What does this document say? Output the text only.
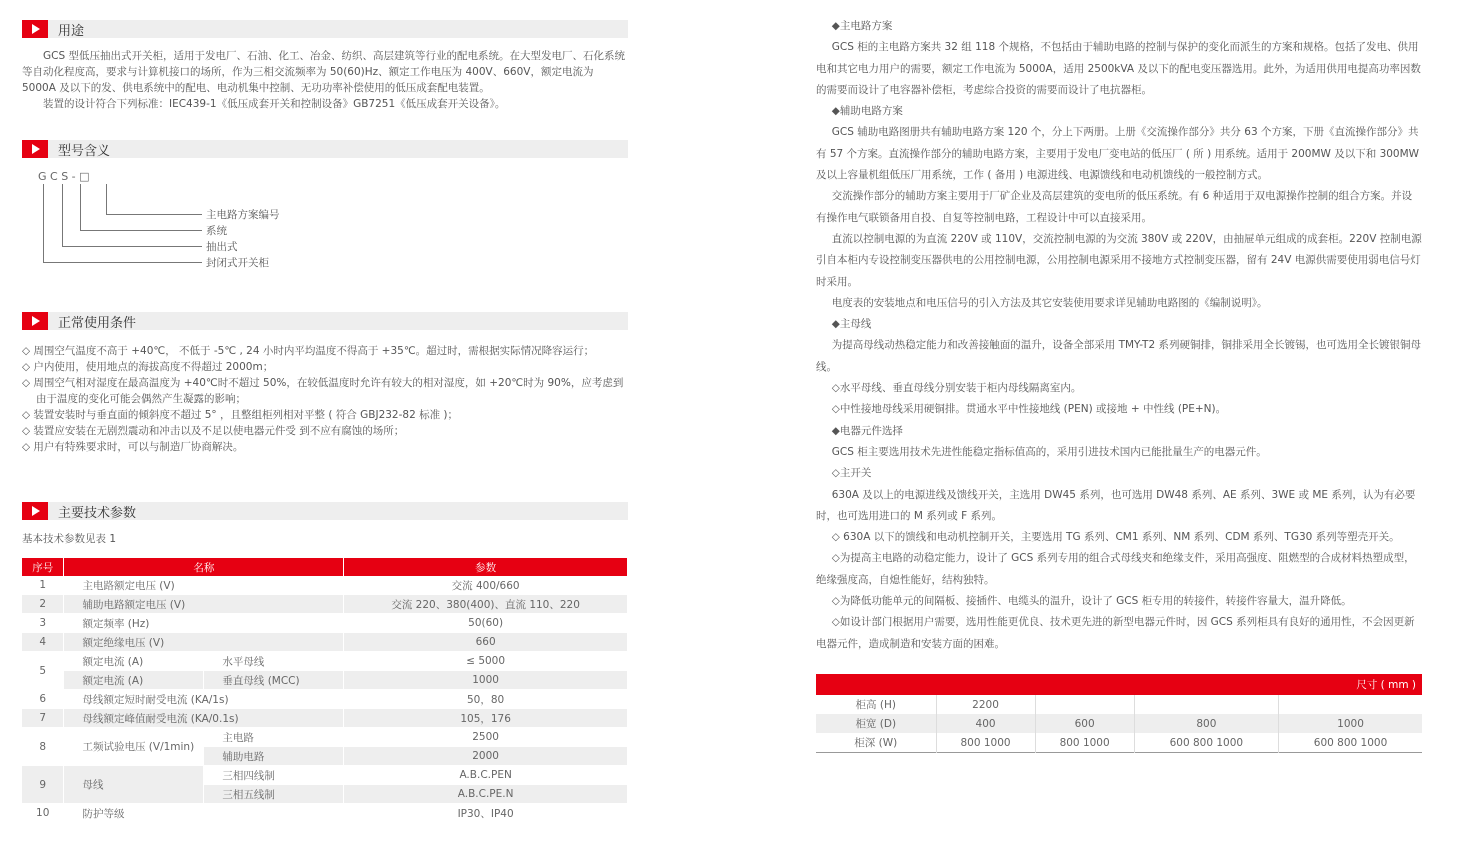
用途

GCS 型低压抽出式开关柜，适用于发电厂、石油、化工、冶金、纺织、高层建筑等行业的配电系统。在大型发电厂、石化系统等自动化程度高，要求与计算机接口的场所，作为三相交流频率为 50(60)Hz、额定工作电压为 400V、660V，额定电流为 5000A 及以下的发、供电系统中的配电、电动机集中控制、无功功率补偿使用的低压成套配电装置。

装置的设计符合下列标准：IEC439-1《低压成套开关和控制设备》GB7251《低压成套开关设备》。

型号含义
G C S - □
主电路方案编号
系统
抽出式
封闭式开关柜
正常使用条件
◇ 周围空气温度不高于 +40℃， 不低于 -5℃ , 24 小时内平均温度不得高于 +35℃。超过时，需根据实际情况降容运行；
◇ 户内使用，使用地点的海拔高度不得超过 2000m；
◇ 周围空气相对湿度在最高温度为 +40℃时不超过 50%，在较低温度时允许有较大的相对湿度，如 +20℃时为 90%，应考虑到由于温度的变化可能会偶然产生凝露的影响；
◇ 装置安装时与垂直面的倾斜度不超过 5° ，且整组柜列相对平整 ( 符合 GBJ232-82 标准 )；
◇ 装置应安装在无剧烈震动和冲击以及不足以使电器元件受 到不应有腐蚀的场所；
◇ 用户有特殊要求时，可以与制造厂协商解决。
主要技术参数
基本技术参数见表 1
序号	名称		参数
1	主电路额定电压 (V)		交流 400/660
2	辅助电路额定电压 (V)		交流 220、380(400)、直流 110、220
3	额定频率 (Hz)		50(60)
4	额定绝缘电压 (V)		660
5	额定电流 (A)	水平母线	≤ 5000
	额定电流 (A)	垂直母线 (MCC)	1000
6	母线额定短时耐受电流 (KA/1s)		50，80
7	母线额定峰值耐受电流 (KA/0.1s)		105，176
8	工频试验电压 (V/1min)	主电路	2500
		辅助电路	2000
9	母线	三相四线制	A.B.C.PEN
		三相五线制	A.B.C.PE.N
10	防护等级		IP30、IP40
◆主电路方案
GCS 柜的主电路方案共 32 组 118 个规格，不包括由于辅助电路的控制与保护的变化而派生的方案和规格。包括了发电、供用电和其它电力用户的需要，额定工作电流为 5000A，适用 2500kVA 及以下的配电变压器选用。此外，为适用供用电提高功率因数的需要而设计了电容器补偿柜，考虑综合投资的需要而设计了电抗器柜。
◆辅助电路方案
GCS 辅助电路图册共有辅助电路方案 120 个，分上下两册。上册《交流操作部分》共分 63 个方案，下册《直流操作部分》共有 57 个方案。直流操作部分的辅助电路方案，主要用于发电厂变电站的低压厂 ( 所 ) 用系统。适用于 200MW 及以下和 300MW 及以上容量机组低压厂用系统，工作 ( 备用 ) 电源进线、电源馈线和电动机馈线的一般控制方式。
交流操作部分的辅助方案主要用于厂矿企业及高层建筑的变电所的低压系统。有 6 种适用于双电源操作控制的组合方案。并设有操作电气联锁备用自投、自复等控制电路，工程设计中可以直接采用。
直流以控制电源的为直流 220V 或 110V，交流控制电源的为交流 380V 或 220V，由抽屉单元组成的成套柜。220V 控制电源引自本柜内专设控制变压器供电的公用控制电源，公用控制电源采用不接地方式控制变压器，留有 24V 电源供需要使用弱电信号灯时采用。
电度表的安装地点和电压信号的引入方法及其它安装使用要求详见辅助电路图的《编制说明》。
◆主母线
为提高母线动热稳定能力和改善接触面的温升，设备全部采用 TMY-T2 系列硬铜排，铜排采用全长镀锡，也可选用全长镀银铜母线。
◇水平母线、垂直母线分别安装于柜内母线隔离室内。
◇中性接地母线采用硬铜排。贯通水平中性接地线 (PEN) 或接地 + 中性线 (PE+N)。
◆电器元件选择
GCS 柜主要选用技术先进性能稳定指标值高的，采用引进技术国内已能批量生产的电器元件。
◇主开关
630A 及以上的电源进线及馈线开关，主选用 DW45 系列，也可选用 DW48 系列、AE 系列、3WE 或 ME 系列，认为有必要时，也可选用进口的 M 系列或 F 系列。
◇ 630A 以下的馈线和电动机控制开关，主要选用 TG 系列、CM1 系列、NM 系列、CDM 系列、TG30 系列等塑壳开关。
◇为提高主电路的动稳定能力，设计了 GCS 系列专用的组合式母线夹和绝缘支件，采用高强度、阻燃型的合成材料热塑成型，绝缘强度高，自熄性能好，结构独特。
◇为降低功能单元的间隔板、接插件、电缆头的温升，设计了 GCS 柜专用的转接件，转接件容量大，温升降低。
◇如设计部门根据用户需要，选用性能更优良、技术更先进的新型电器元件时，因 GCS 系列柜具有良好的通用性，不会因更新电器元件，造成制造和安装方面的困难。
尺寸 ( mm )				
柜高 (H)	2200			
柜宽 (D)	400	600	800	1000
柜深 (W)	800 1000	800 1000	600 800 1000	600 800 1000
